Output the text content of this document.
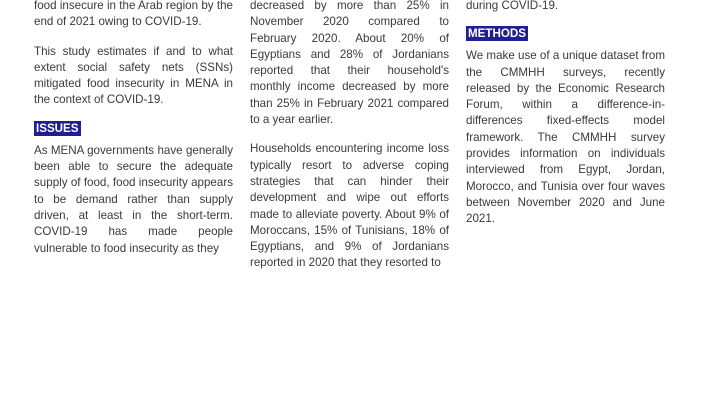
food insecure in the Arab region by the end of 2021 owing to COVID-19.

This study estimates if and to what extent social safety nets (SSNs) mitigated food insecurity in MENA in the context of COVID-19.

ISSUES

As MENA governments have generally been able to secure the adequate supply of food, food insecurity appears to be demand rather than supply driven, at least in the short-term. COVID-19 has made people vulnerable to food insecurity as they

decreased by more than 25% in November 2020 compared to February 2020. About 20% of Egyptians and 28% of Jordanians reported that their household's monthly income decreased by more than 25% in February 2021 compared to a year earlier.

Households encountering income loss typically resort to adverse coping strategies that can hinder their development and wipe out efforts made to alleviate poverty. About 9% of Moroccans, 15% of Tunisians, 18% of Egyptians, and 9% of Jordanians reported in 2020 that they resorted to

during COVID-19.

METHODS

We make use of a unique dataset from the CMMHH surveys, recently released by the Economic Research Forum, within a difference-in-differences fixed-effects model framework. The CMMHH survey provides information on individuals interviewed from Egypt, Jordan, Morocco, and Tunisia over four waves between November 2020 and June 2021.
